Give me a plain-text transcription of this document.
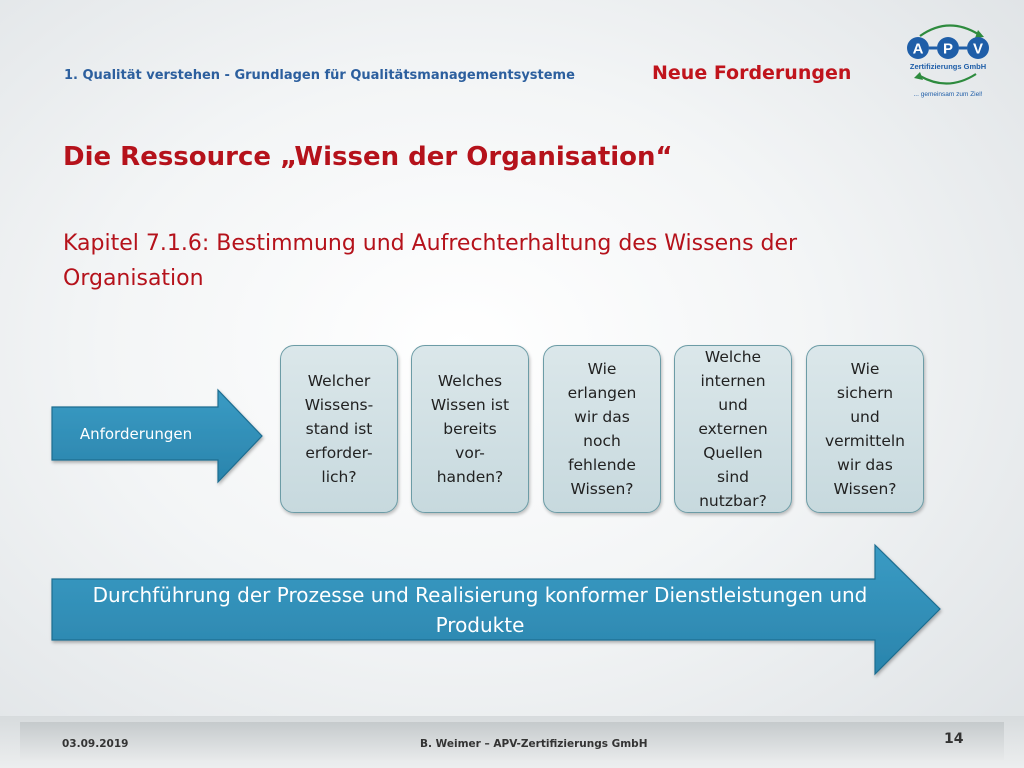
1. Qualität verstehen - Grundlagen für Qualitätsmanagementsysteme	Neue Forderungen
A P V
Zertifizierungs GmbH
... gemeinsam zum Ziel!
Die Ressource „Wissen der Organisation“
Kapitel 7.1.6: Bestimmung und Aufrechterhaltung des Wissens der Organisation
Anforderungen
Welcher
Wissens-
stand ist
erforder-
lich?
Welches
Wissen ist
bereits
vor-
handen?
Wie
erlangen
wir das
noch
fehlende
Wissen?
Welche
internen
und
externen
Quellen
sind
nutzbar?
Wie
sichern
und
vermitteln
wir das
Wissen?
Durchführung der Prozesse und Realisierung konformer Dienstleistungen und Produkte
03.09.2019	B. Weimer – APV-Zertifizierungs GmbH	14
